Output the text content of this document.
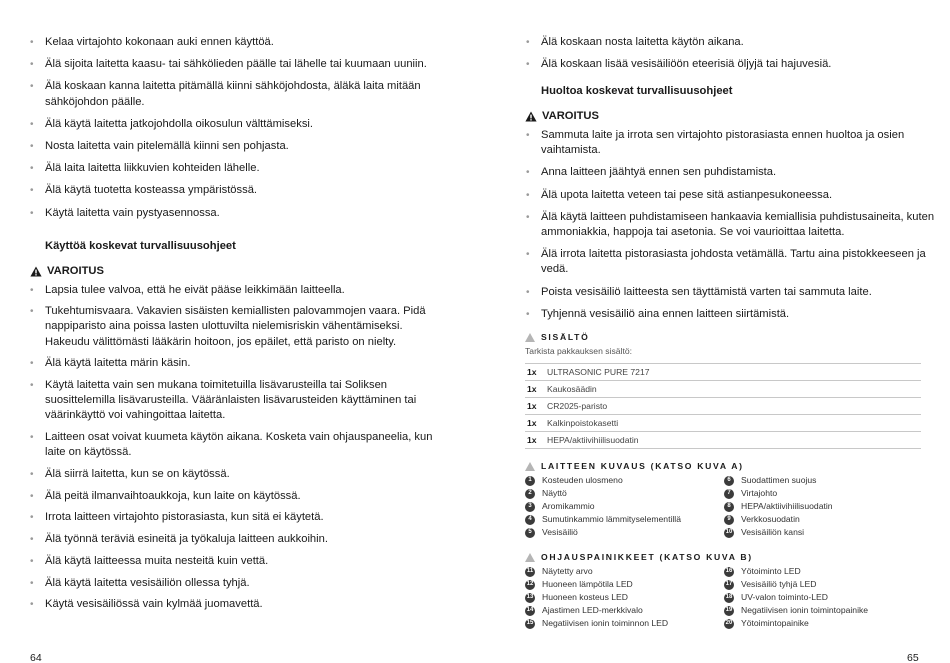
• Kelaa virtajohto kokonaan auki ennen käyttöä.
• Älä sijoita laitetta kaasu- tai sähkölieden päälle tai lähelle tai kuumaan uuniin.
• Älä koskaan kanna laitetta pitämällä kiinni sähköjohdosta, äläkä laita mitään sähköjohdon päälle.
• Älä käytä laitetta jatkojohdolla oikosulun välttämiseksi.
• Nosta laitetta vain pitelemällä kiinni sen pohjasta.
• Älä laita laitetta liikkuvien kohteiden lähelle.
• Älä käytä tuotetta kosteassa ympäristössä.
• Käytä laitetta vain pystyasennossa.
Käyttöä koskevat turvallisuusohjeet
VAROITUS
• Lapsia tulee valvoa, että he eivät pääse leikkimään laitteella.
• Tukehtumisvaara. Vakavien sisäisten kemiallisten palovammojen vaara. Pidä nappiparisto aina poissa lasten ulottuvilta nielemisriskin vähentämiseksi. Hakeudu välittömästi lääkärin hoitoon, jos epäilet, että paristo on nielty.
• Älä käytä laitetta märin käsin.
• Käytä laitetta vain sen mukana toimitetuilla lisävarusteilla tai Soliksen suosittelemilla lisävarusteilla. Vääränlaisten lisävarusteiden käyttäminen tai väärinkäyttö voi vahingoittaa laitetta.
• Laitteen osat voivat kuumeta käytön aikana. Kosketa vain ohjauspaneelia, kun laite on käytössä.
• Älä siirrä laitetta, kun se on käytössä.
• Älä peitä ilmanvaihtoaukkoja, kun laite on käytössä.
• Irrota laitteen virtajohto pistorasiasta, kun sitä ei käytetä.
• Älä työnnä teräviä esineitä ja työkaluja laitteen aukkoihin.
• Älä käytä laitteessa muita nesteitä kuin vettä.
• Älä käytä laitetta vesisäiliön ollessa tyhjä.
• Käytä vesisäiliössä vain kylmää juomavettä.
64
• Älä koskaan nosta laitetta käytön aikana.
• Älä koskaan lisää vesisäiliöön eteerisiä öljyjä tai hajuvesiä.
Huoltoa koskevat turvallisuusohjeet
VAROITUS
• Sammuta laite ja irrota sen virtajohto pistorasiasta ennen huoltoa ja osien vaihtamista.
• Anna laitteen jäähtyä ennen sen puhdistamista.
• Älä upota laitetta veteen tai pese sitä astianpesukoneessa.
• Älä käytä laitteen puhdistamiseen hankaavia kemiallisia puhdistusaineita, kuten ammoniakkia, happoja tai asetonia. Se voi vaurioittaa laitetta.
• Älä irrota laitetta pistorasiasta johdosta vetämällä. Tartu aina pistokkeeseen ja vedä.
• Poista vesisäiliö laitteesta sen täyttämistä varten tai sammuta laite.
• Tyhjennä vesisäiliö aina ennen laitteen siirtämistä.
SISÄLTÖ
Tarkista pakkauksen sisältö:
1x	ULTRASONIC PURE 7217
1x	Kaukosäädin
1x	CR2025-paristo
1x	Kalkinpoistokasetti
1x	HEPA/aktiivihiilisuodatin
LAITTEEN KUVAUS (KATSO KUVA A)
1	Kosteuden ulosmeno
2	Näyttö
3	Aromikammio
4	Sumutinkammio lämmityselementillä
5	Vesisäiliö
6	Suodattimen suojus
7	Virtajohto
8	HEPA/aktiivihiilisuodatin
9	Verkkosuodatin
10 Vesisäiliön kansi
OHJAUSPAINIKKEET (KATSO KUVA B)
11 Näytetty arvo
12 Huoneen lämpötila LED
13 Huoneen kosteus LED
14 Ajastimen LED-merkkivalo
15 Negatiivisen ionin toiminnon LED
16 Yötoiminto LED
17 Vesisäiliö tyhjä LED
18 UV-valon toiminto-LED
19 Negatiivisen ionin toimintopainike
20 Yötoimintopainike
65
